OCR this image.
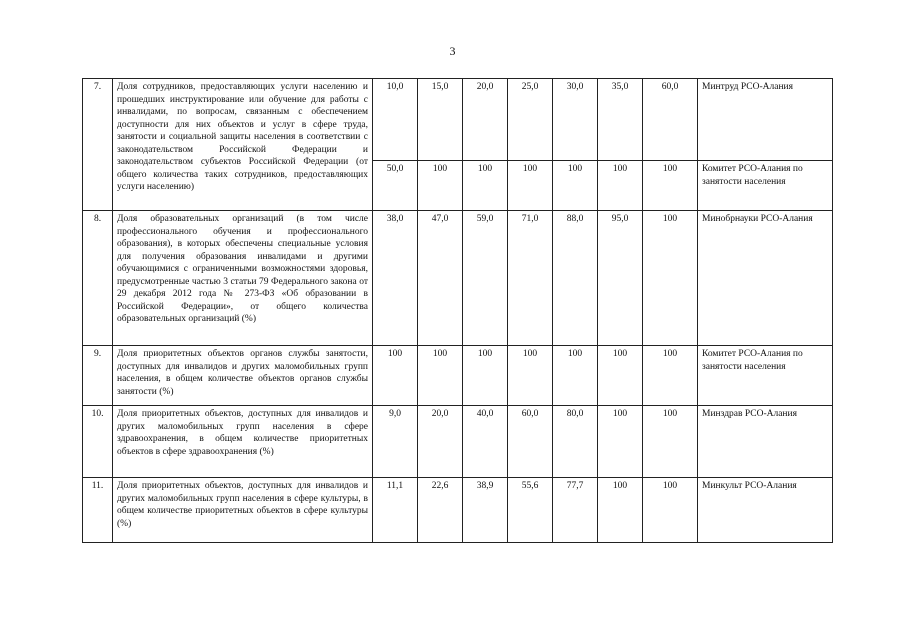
3
7.	Доля сотрудников, предоставляющих услуги населению и прошедших инструктирование или обучение для работы с инвалидами, по вопросам, связанным с обеспечением доступности для них объектов и услуг в сфере труда, занятости и социальной защиты населения в соответствии с законодательством Российской Федерации и законодательством субъектов Российской Федерации (от общего количества таких сотрудников, предоставляющих услуги населению)	10,0	15,0	20,0	25,0	30,0	35,0	60,0	Минтруд РСО-Алания
		50,0	100	100	100	100	100	100	Комитет РСО-Алания по занятости населения
8.	Доля образовательных организаций (в том числе профессионального обучения и профессионального образования), в которых обеспечены специальные условия для получения образования инвалидами и другими обучающимися с ограниченными возможностями здоровья, предусмотренные частью 3 статьи 79 Федерального закона от 29 декабря 2012 года № 273-ФЗ «Об образовании в Российской Федерации», от общего количества образовательных организаций (%)	38,0	47,0	59,0	71,0	88,0	95,0	100	Минобрнауки РСО-Алания
9.	Доля приоритетных объектов органов службы занятости, доступных для инвалидов и других маломобильных групп населения, в общем количестве объектов органов службы занятости (%)	100	100	100	100	100	100	100	Комитет РСО-Алания по занятости населения
10.	Доля приоритетных объектов, доступных для инвалидов и других маломобильных групп населения в сфере здравоохранения, в общем количестве приоритетных объектов в сфере здравоохранения (%)	9,0	20,0	40,0	60,0	80,0	100	100	Минздрав РСО-Алания
11.	Доля приоритетных объектов, доступных для инвалидов и других маломобильных групп населения в сфере культуры, в общем количестве приоритетных объектов в сфере культуры (%)	11,1	22,6	38,9	55,6	77,7	100	100	Минкульт РСО-Алания
